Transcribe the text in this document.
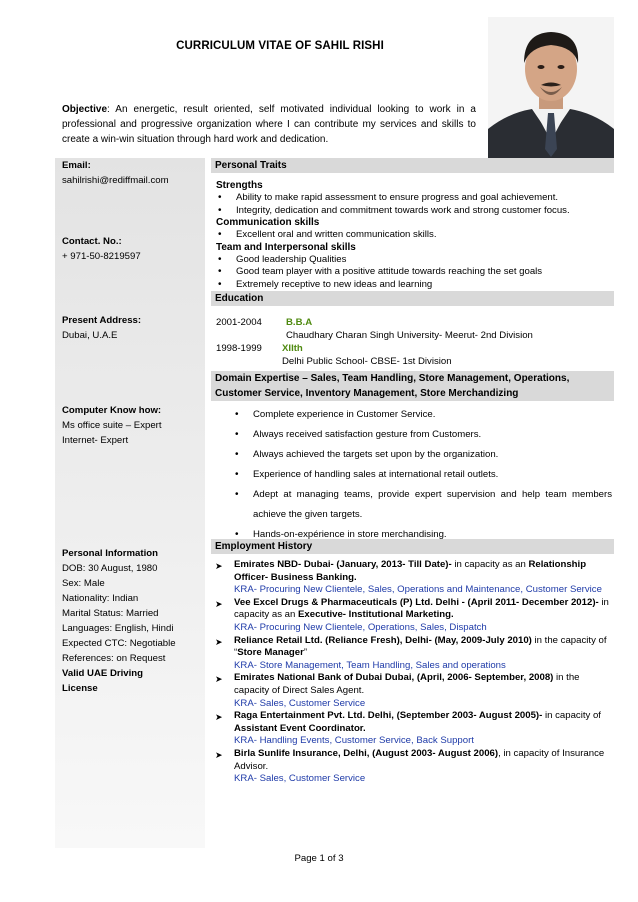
CURRICULUM VITAE OF SAHIL RISHI
Objective: An energetic, result oriented, self motivated individual looking to work in a professional and progressive organization where I can contribute my services and skills to create a win-win situation through hard work and dedication.
Email:
sahilrishi@rediffmail.com
Contact. No.:
+ 971-50-8219597
Present Address:
Dubai, U.A.E
Computer Know how:
Ms office suite – Expert
Internet- Expert
Personal Information
DOB: 30 August, 1980
Sex: Male
Nationality: Indian
Marital Status: Married
Languages: English, Hindi
Expected CTC: Negotiable
References: on Request
Valid UAE Driving
License
Personal Traits
Strengths
• Ability to make rapid assessment to ensure progress and goal achievement.
• Integrity, dedication and commitment towards work and strong customer focus.
Communication skills
• Excellent oral and written communication skills.
Team and Interpersonal skills
• Good leadership Qualities
• Good team player with a positive attitude towards reaching the set goals
• Extremely receptive to new ideas and learning
Education
2001-2004	B.B.A
Chaudhary Charan Singh University- Meerut- 2nd Division
1998-1999	XIIth
Delhi Public School- CBSE- 1st Division
Domain Expertise – Sales, Team Handling, Store Management, Operations, Customer Service, Inventory Management, Store Merchandizing
• Complete experience in Customer Service.
• Always received satisfaction gesture from Customers.
• Always achieved the targets set upon by the organization.
• Experience of handling sales at international retail outlets.
• Adept at managing teams, provide expert supervision and help team members achieve the given targets.
• Hands-on-expérience in store merchandising.
Employment History
➤ Emirates NBD- Dubai- (January, 2013- Till Date)- in capacity as an Relationship Officer- Business Banking.
KRA- Procuring New Clientele, Sales, Operations and Maintenance, Customer Service
➤ Vee Excel Drugs & Pharmaceuticals (P) Ltd. Delhi - (April 2011- December 2012)- in capacity as an Executive- Institutional Marketing.
KRA- Procuring New Clientele, Operations, Sales, Dispatch
➤ Reliance Retail Ltd. (Reliance Fresh), Delhi- (May, 2009-July 2010) in the capacity of “Store Manager”
KRA- Store Management, Team Handling, Sales and operations
➤ Emirates National Bank of Dubai Dubai, (April, 2006- September, 2008) in the capacity of Direct Sales Agent.
KRA- Sales, Customer Service
➤ Raga Entertainment Pvt. Ltd. Delhi, (September 2003- August 2005)- in capacity of Assistant Event Coordinator.
KRA- Handling Events, Customer Service, Back Support
➤ Birla Sunlife Insurance, Delhi, (August 2003- August 2006), in capacity of Insurance Advisor.
KRA- Sales, Customer Service
Page 1 of 3
